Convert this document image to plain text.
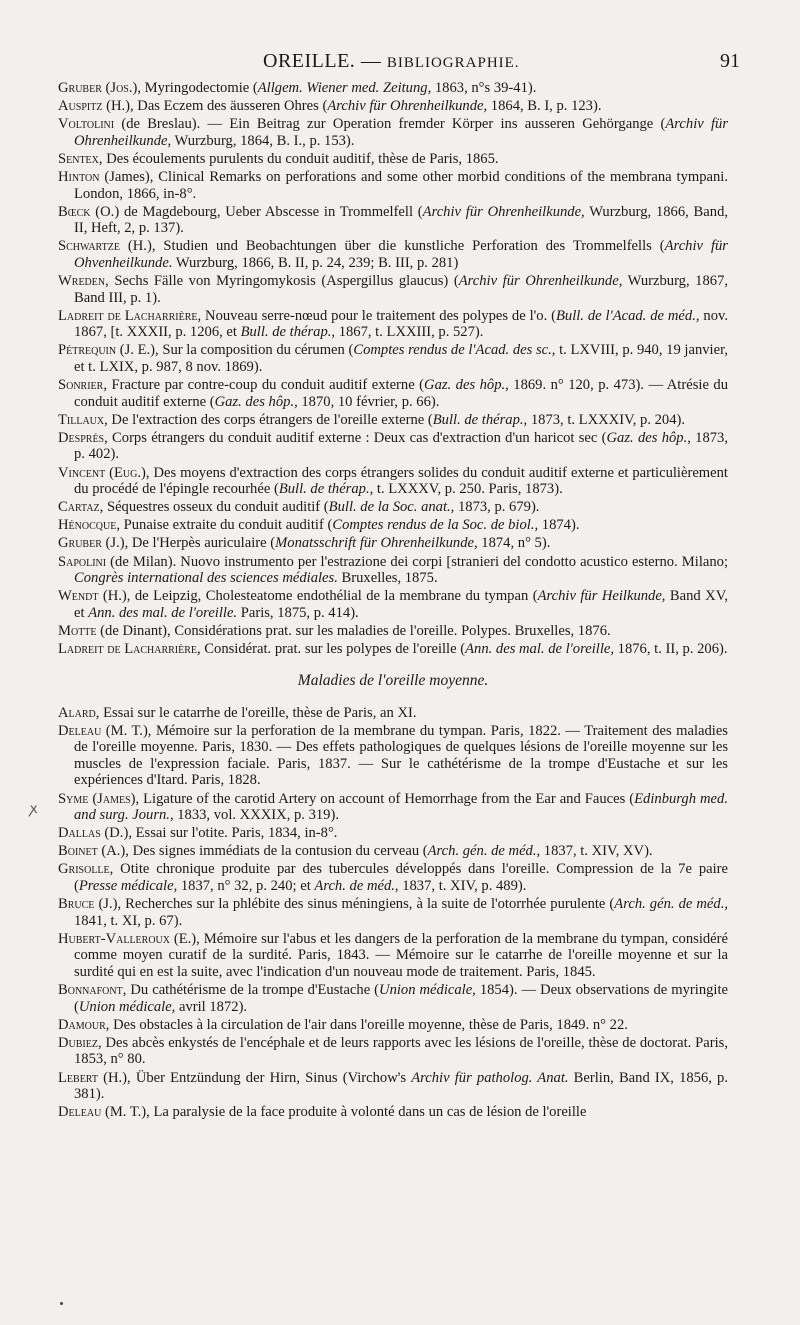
OREILLE. — BIBLIOGRAPHIE.	91

Gruber (Jos.), Myringodectomie (Allgem. Wiener med. Zeitung, 1863, n°s 39-41).

Auspitz (H.), Das Eczem des äusseren Ohres (Archiv für Ohrenheilkunde, 1864, B. I, p. 123).

Voltolini (de Breslau). — Ein Beitrag zur Operation fremder Körper ins ausseren Gehörgange (Archiv für Ohrenheilkunde, Wurzburg, 1864, B. I., p. 153).

Sentex, Des écoulements purulents du conduit auditif, thèse de Paris, 1865.

Hinton (James), Clinical Remarks on perforations and some other morbid conditions of the membrana tympani. London, 1866, in-8°.

Bœck (O.) de Magdebourg, Ueber Abscesse in Trommelfell (Archiv für Ohrenheilkunde, Wurzburg, 1866, Band, II, Heft, 2, p. 137).

Schwartze (H.), Studien und Beobachtungen über die kunstliche Perforation des Trommelfells (Archiv für Ohvenheilkunde. Wurzburg, 1866, B. II, p. 24, 239; B. III, p. 281)

Wreden, Sechs Fälle von Myringomykosis (Aspergillus glaucus) (Archiv für Ohrenheilkunde, Wurzburg, 1867, Band III, p. 1).

Ladreit de Lacharrière, Nouveau serre-nœud pour le traitement des polypes de l'o. (Bull. de l'Acad. de méd., nov. 1867, [t. XXXII, p. 1206, et Bull. de thérap., 1867, t. LXXIII, p. 527).

Pétrequin (J. E.), Sur la composition du cérumen (Comptes rendus de l'Acad. des sc., t. LXVIII, p. 940, 19 janvier, et t. LXIX, p. 987, 8 nov. 1869).

Sonrier, Fracture par contre-coup du conduit auditif externe (Gaz. des hôp., 1869. n° 120, p. 473). — Atrésie du conduit auditif externe (Gaz. des hôp., 1870, 10 février, p. 66).

Tillaux, De l'extraction des corps étrangers de l'oreille externe (Bull. de thérap., 1873, t. LXXXIV, p. 204).

Després, Corps étrangers du conduit auditif externe : Deux cas d'extraction d'un haricot sec (Gaz. des hôp., 1873, p. 402).

Vincent (Eug.), Des moyens d'extraction des corps étrangers solides du conduit auditif externe et particulièrement du procédé de l'épingle recourhée (Bull. de thérap., t. LXXXV, p. 250. Paris, 1873).

Cartaz, Séquestres osseux du conduit auditif (Bull. de la Soc. anat., 1873, p. 679).

Hénocque, Punaise extraite du conduit auditif (Comptes rendus de la Soc. de biol., 1874).

Gruber (J.), De l'Herpès auriculaire (Monatsschrift für Ohrenheilkunde, 1874, n° 5).

Sapolini (de Milan). Nuovo instrumento per l'estrazione dei corpi [stranieri del condotto acustico esterno. Milano; Congrès international des sciences médiales. Bruxelles, 1875.

Wendt (H.), de Leipzig, Cholesteatome endothélial de la membrane du tympan (Archiv für Heilkunde, Band XV, et Ann. des mal. de l'oreille. Paris, 1875, p. 414).

Motte (de Dinant), Considérations prat. sur les maladies de l'oreille. Polypes. Bruxelles, 1876.

Ladreit de Lacharrière, Considérat. prat. sur les polypes de l'oreille (Ann. des mal. de l'oreille, 1876, t. II, p. 206).

Maladies de l'oreille moyenne.

Alard, Essai sur le catarrhe de l'oreille, thèse de Paris, an XI.

Deleau (M. T.), Mémoire sur la perforation de la membrane du tympan. Paris, 1822. — Traitement des maladies de l'oreille moyenne. Paris, 1830. — Des effets pathologiques de quelques lésions de l'oreille moyenne sur les muscles de l'expression faciale. Paris, 1837. — Sur le cathétérisme de la trompe d'Eustache et sur les expériences d'Itard. Paris, 1828.

Syme (James), Ligature of the carotid Artery on account of Hemorrhage from the Ear and Fauces (Edinburgh med. and surg. Journ., 1833, vol. XXXIX, p. 319).

Dallas (D.), Essai sur l'otite. Paris, 1834, in-8°.

Boinet (A.), Des signes immédiats de la contusion du cerveau (Arch. gén. de méd., 1837, t. XIV, XV).

Grisolle, Otite chronique produite par des tubercules développés dans l'oreille. Compression de la 7e paire (Presse médicale, 1837, n° 32, p. 240; et Arch. de méd., 1837, t. XIV, p. 489).

Bruce (J.), Recherches sur la phlébite des sinus méningiens, à la suite de l'otorrhée purulente (Arch. gén. de méd., 1841, t. XI, p. 67).

Hubert-Valleroux (E.), Mémoire sur l'abus et les dangers de la perforation de la membrane du tympan, considéré comme moyen curatif de la surdité. Paris, 1843. — Mémoire sur le catarrhe de l'oreille moyenne et sur la surdité qui en est la suite, avec l'indication d'un nouveau mode de traitement. Paris, 1845.

Bonnafont, Du cathétérisme de la trompe d'Eustache (Union médicale, 1854). — Deux observations de myringite (Union médicale, avril 1872).

Damour, Des obstacles à la circulation de l'air dans l'oreille moyenne, thèse de Paris, 1849. n° 22.

Dubiez, Des abcès enkystés de l'encéphale et de leurs rapports avec les lésions de l'oreille, thèse de doctorat. Paris, 1853, n° 80.

Lebert (H.), Über Entzündung der Hirn, Sinus (Virchow's Archiv für patholog. Anat. Berlin, Band IX, 1856, p. 381).

Deleau (M. T.), La paralysie de la face produite à volonté dans un cas de lésion de l'oreille

ꭗ
